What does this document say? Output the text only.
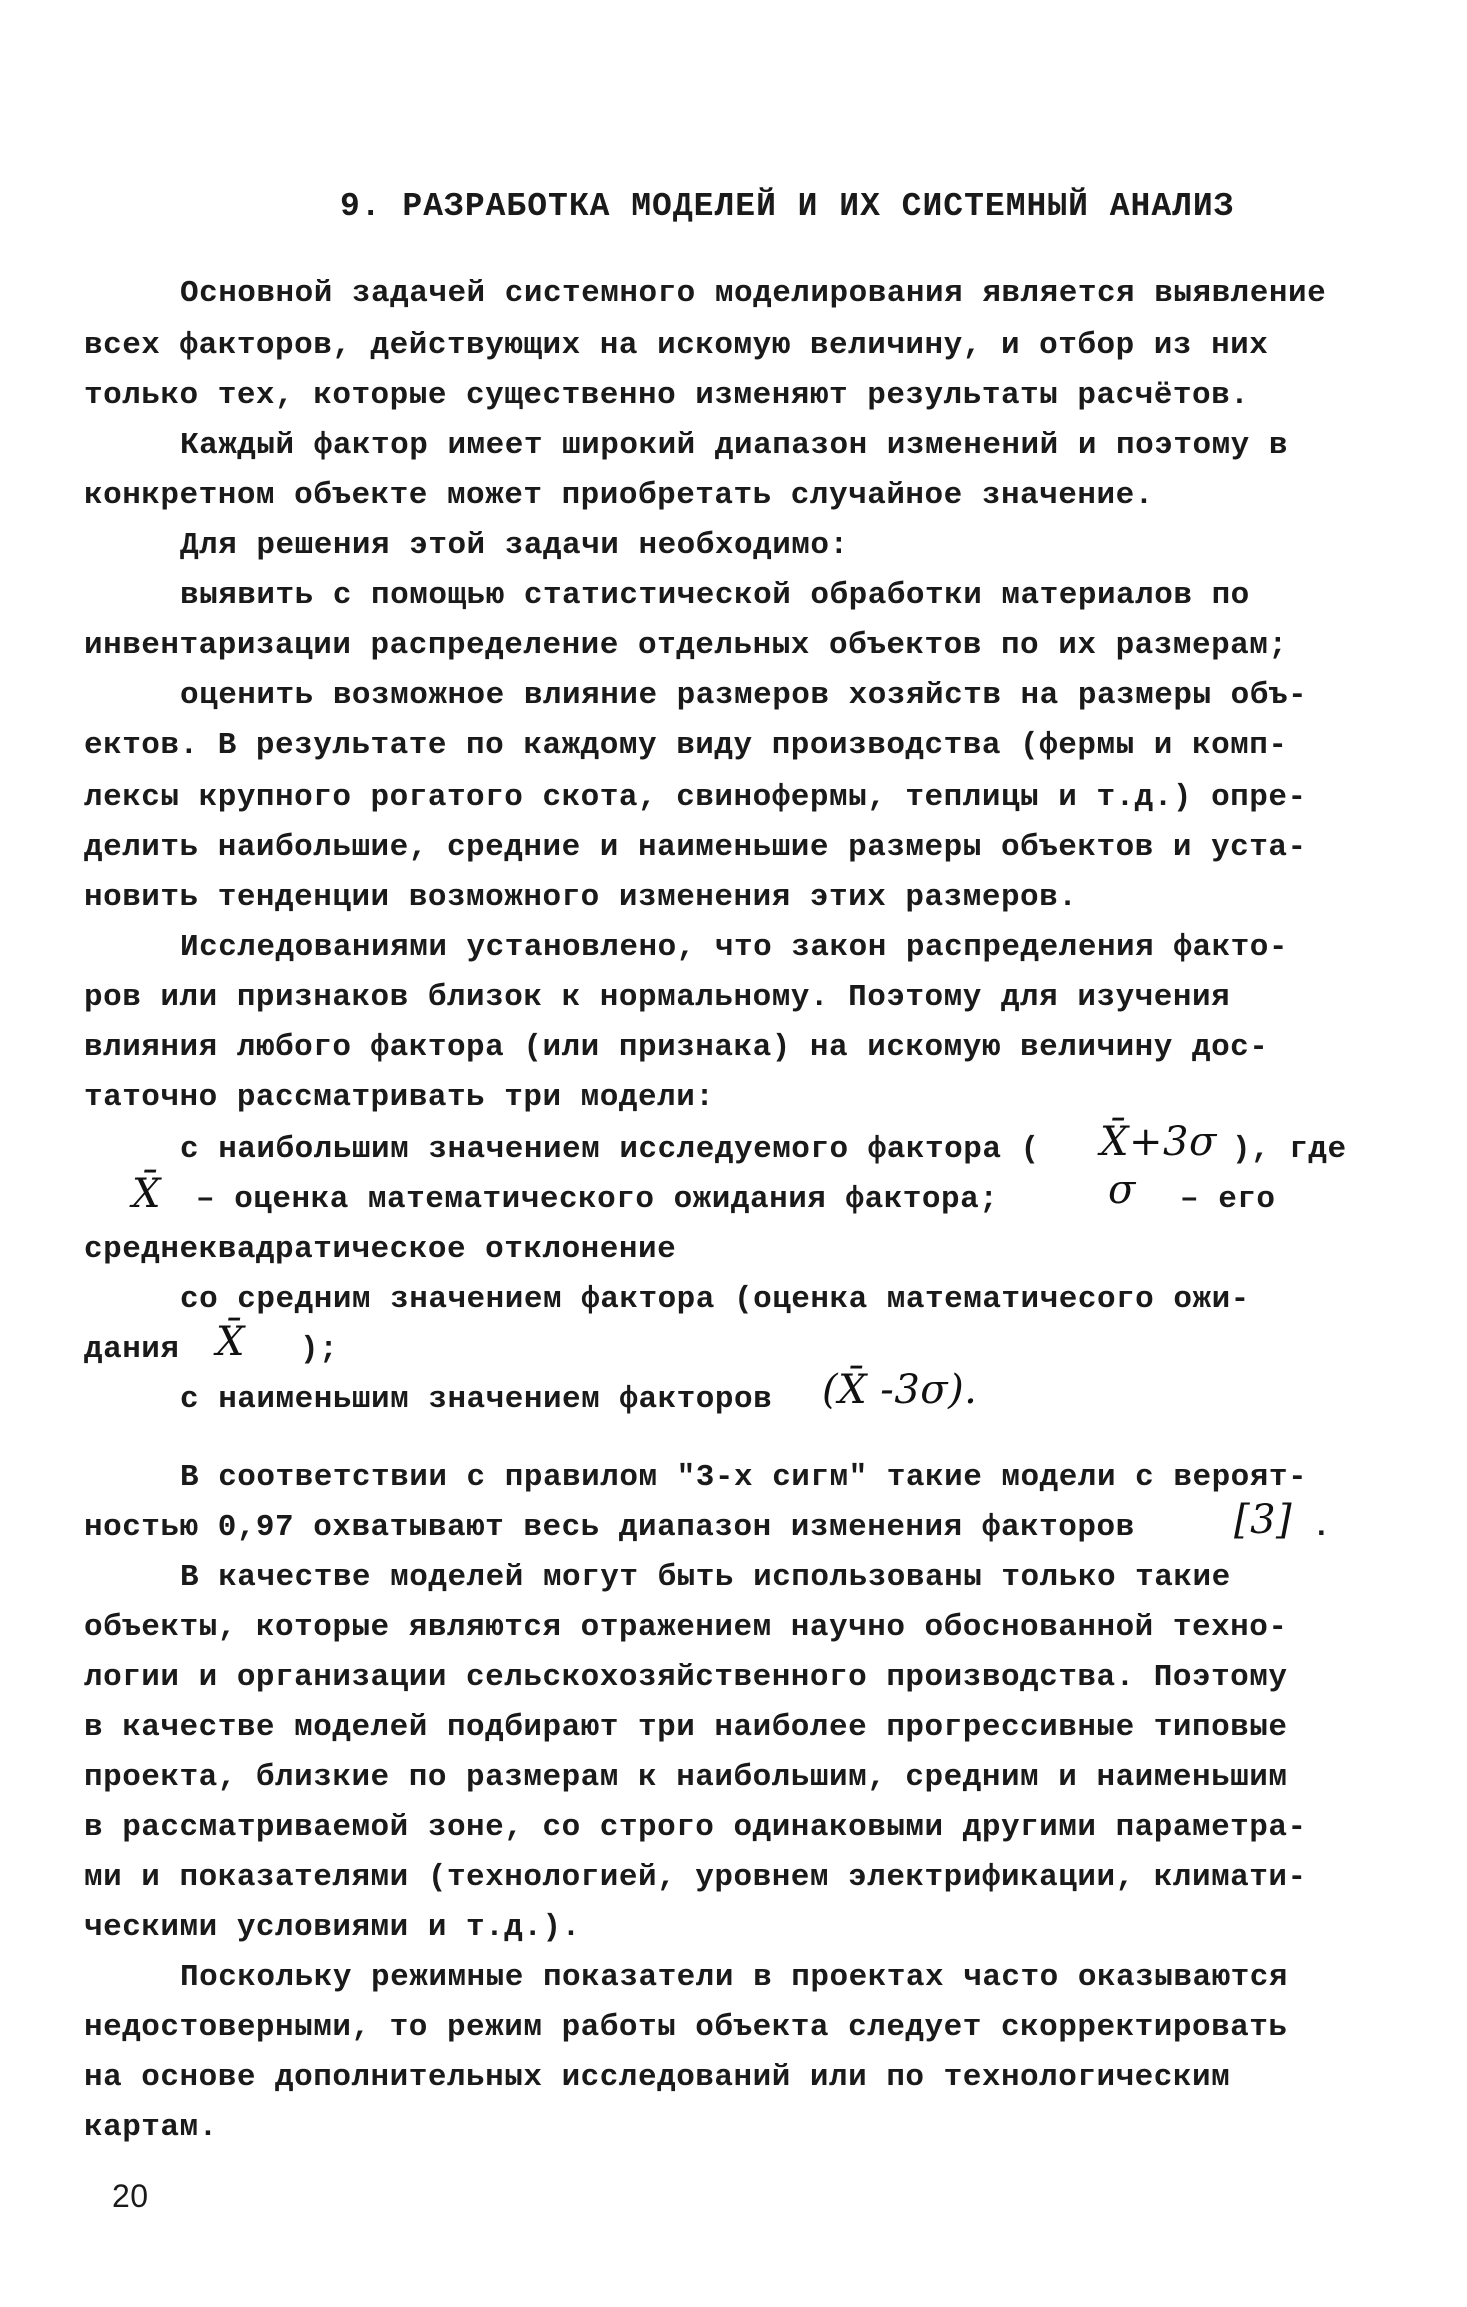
9. РАЗРАБОТКА МОДЕЛЕЙ И ИХ СИСТЕМНЫЙ АНАЛИЗ
Основной задачей системного моделирования является выявление
всех факторов, действующих на искомую величину, и отбор из них
только тех, которые существенно изменяют результаты расчётов.
Каждый фактор имеет широкий диапазон изменений и поэтому в
конкретном объекте может приобретать случайное значение.
Для решения этой задачи необходимо:
выявить с помощью статистической обработки материалов по
инвентаризации распределение отдельных объектов по их размерам;
оценить возможное влияние размеров хозяйств на размеры объ-
ектов. В результате по каждому виду производства (фермы и комп-
лексы крупного рогатого скота, свинофермы, теплицы и т.д.) опре-
делить наибольшие, средние и наименьшие размеры объектов и уста-
новить тенденции возможного изменения этих размеров.
Исследованиями установлено, что закон распределения факто-
ров или признаков близок к нормальному. Поэтому для изучения
влияния любого фактора (или признака) на искомую величину дос-
таточно рассматривать три модели:
с наибольшим значением исследуемого фактора ( X̄+3σ ), где
X̄ – оценка математического ожидания фактора;	σ – его
среднеквадратическое отклонение
со средним значением фактора (оценка математичесого ожи-
дания X̄ );
с наименьшим значением факторов (X̄ -3σ).
В соответствии с правилом "3-х сигм" такие модели с вероят-
ностью 0,97 охватывают весь диапазон изменения факторов [3] .
В качестве моделей могут быть использованы только такие
объекты, которые являются отражением научно обоснованной техно-
логии и организации сельскохозяйственного производства. Поэтому
в качестве моделей подбирают три наиболее прогрессивные типовые
проекта, близкие по размерам к наибольшим, средним и наименьшим
в рассматриваемой зоне, со строго одинаковыми другими параметра-
ми и показателями (технологией, уровнем электрификации, климати-
ческими условиями и т.д.).
Поскольку режимные показатели в проектах часто оказываются
недостоверными, то режим работы объекта следует скорректировать
на основе дополнительных исследований или по технологическим
картам.
20
